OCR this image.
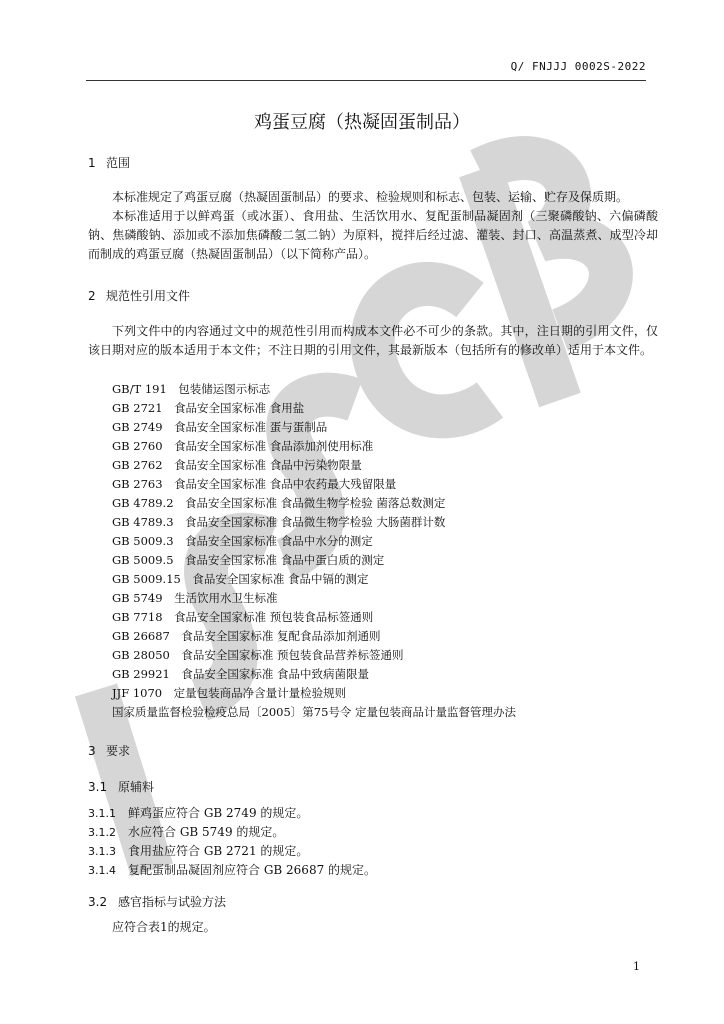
Q/ FNJJJ 0002S-2022
鸡蛋豆腐（热凝固蛋制品）
1 范围

本标准规定了鸡蛋豆腐（热凝固蛋制品）的要求、检验规则和标志、包装、运输、贮存及保质期。

本标准适用于以鲜鸡蛋（或冰蛋）、食用盐、生活饮用水、复配蛋制品凝固剂（三聚磷酸钠、六偏磷酸钠、焦磷酸钠、添加或不添加焦磷酸二氢二钠）为原料，搅拌后经过滤、灌装、封口、高温蒸煮、成型冷却而制成的鸡蛋豆腐（热凝固蛋制品）（以下简称产品）。

2 规范性引用文件

下列文件中的内容通过文中的规范性引用而构成本文件必不可少的条款。其中，注日期的引用文件，仅该日期对应的版本适用于本文件；不注日期的引用文件，其最新版本（包括所有的修改单）适用于本文件。

GB/T 191  包装储运图示标志
GB 2721  食品安全国家标准 食用盐
GB 2749  食品安全国家标准 蛋与蛋制品
GB 2760  食品安全国家标准 食品添加剂使用标准
GB 2762  食品安全国家标准 食品中污染物限量
GB 2763  食品安全国家标准 食品中农药最大残留限量
GB 4789.2  食品安全国家标准 食品微生物学检验 菌落总数测定
GB 4789.3  食品安全国家标准 食品微生物学检验 大肠菌群计数
GB 5009.3  食品安全国家标准 食品中水分的测定
GB 5009.5  食品安全国家标准 食品中蛋白质的测定
GB 5009.15  食品安全国家标准 食品中镉的测定
GB 5749  生活饮用水卫生标准
GB 7718  食品安全国家标准 预包装食品标签通则
GB 26687  食品安全国家标准 复配食品添加剂通则
GB 28050  食品安全国家标准 预包装食品营养标签通则
GB 29921  食品安全国家标准 食品中致病菌限量
JJF 1070  定量包装商品净含量计量检验规则
国家质量监督检验检疫总局〔2005〕第75号令 定量包装商品计量监督管理办法
3 要求
3.1 原辅料
3.1.1 鲜鸡蛋应符合 GB 2749 的规定。
3.1.2 水应符合 GB 5749 的规定。
3.1.3 食用盐应符合 GB 2721 的规定。
3.1.4 复配蛋制品凝固剂应符合 GB 26687 的规定。
3.2 感官指标与试验方法

应符合表1的规定。

1
